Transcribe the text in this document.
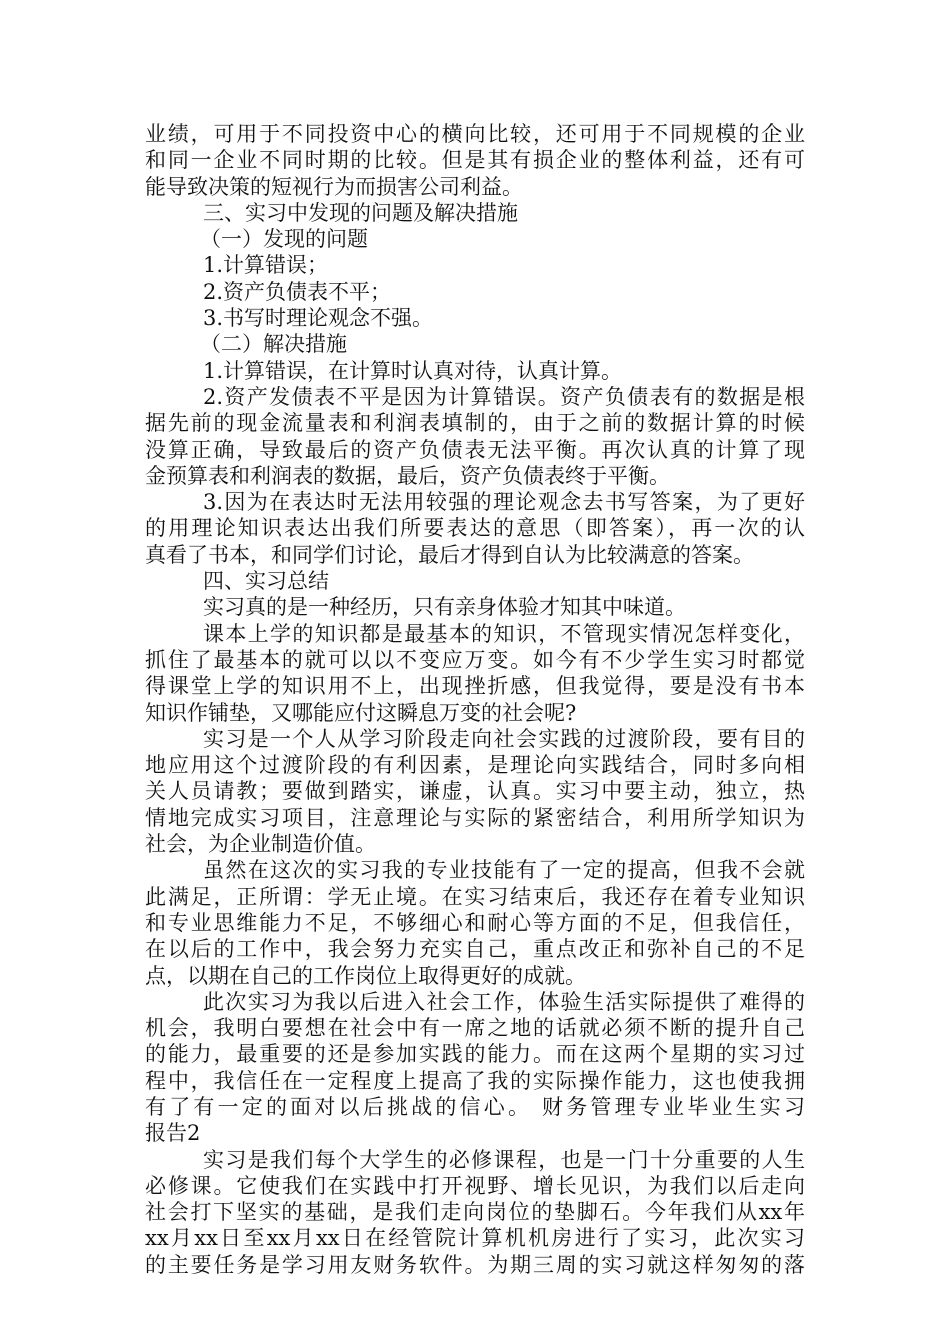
业绩，可用于不同投资中心的横向比较，还可用于不同规模的企业
和同一企业不同时期的比较。但是其有损企业的整体利益，还有可
能导致决策的短视行为而损害公司利益。
三、实习中发现的问题及解决措施
（一）发现的问题
1.计算错误；
2.资产负债表不平；
3.书写时理论观念不强。
（二）解决措施
1.计算错误，在计算时认真对待，认真计算。
2.资产发债表不平是因为计算错误。资产负债表有的数据是根
据先前的现金流量表和利润表填制的，由于之前的数据计算的时候
没算正确，导致最后的资产负债表无法平衡。再次认真的计算了现
金预算表和利润表的数据，最后，资产负债表终于平衡。
3.因为在表达时无法用较强的理论观念去书写答案，为了更好
的用理论知识表达出我们所要表达的意思（即答案），再一次的认
真看了书本，和同学们讨论，最后才得到自认为比较满意的答案。
四、实习总结
实习真的是一种经历，只有亲身体验才知其中味道。
课本上学的知识都是最基本的知识，不管现实情况怎样变化，
抓住了最基本的就可以以不变应万变。如今有不少学生实习时都觉
得课堂上学的知识用不上，出现挫折感，但我觉得，要是没有书本
知识作铺垫，又哪能应付这瞬息万变的社会呢?
实习是一个人从学习阶段走向社会实践的过渡阶段，要有目的
地应用这个过渡阶段的有利因素，是理论向实践结合，同时多向相
关人员请教；要做到踏实，谦虚，认真。实习中要主动，独立，热
情地完成实习项目，注意理论与实际的紧密结合，利用所学知识为
社会，为企业制造价值。
虽然在这次的实习我的专业技能有了一定的提高，但我不会就
此满足，正所谓：学无止境。在实习结束后，我还存在着专业知识
和专业思维能力不足，不够细心和耐心等方面的不足，但我信任，
在以后的工作中，我会努力充实自己，重点改正和弥补自己的不足
点，以期在自己的工作岗位上取得更好的成就。
此次实习为我以后进入社会工作，体验生活实际提供了难得的
机会，我明白要想在社会中有一席之地的话就必须不断的提升自己
的能力，最重要的还是参加实践的能力。而在这两个星期的实习过
程中，我信任在一定程度上提高了我的实际操作能力，这也使我拥
有了有一定的面对以后挑战的信心。 财务管理专业毕业生实习
报告2
实习是我们每个大学生的必修课程，也是一门十分重要的人生
必修课。它使我们在实践中打开视野、增长见识，为我们以后走向
社会打下坚实的基础，是我们走向岗位的垫脚石。今年我们从xx年
xx月xx日至xx月xx日在经管院计算机机房进行了实习，此次实习
的主要任务是学习用友财务软件。为期三周的实习就这样匆匆的落
